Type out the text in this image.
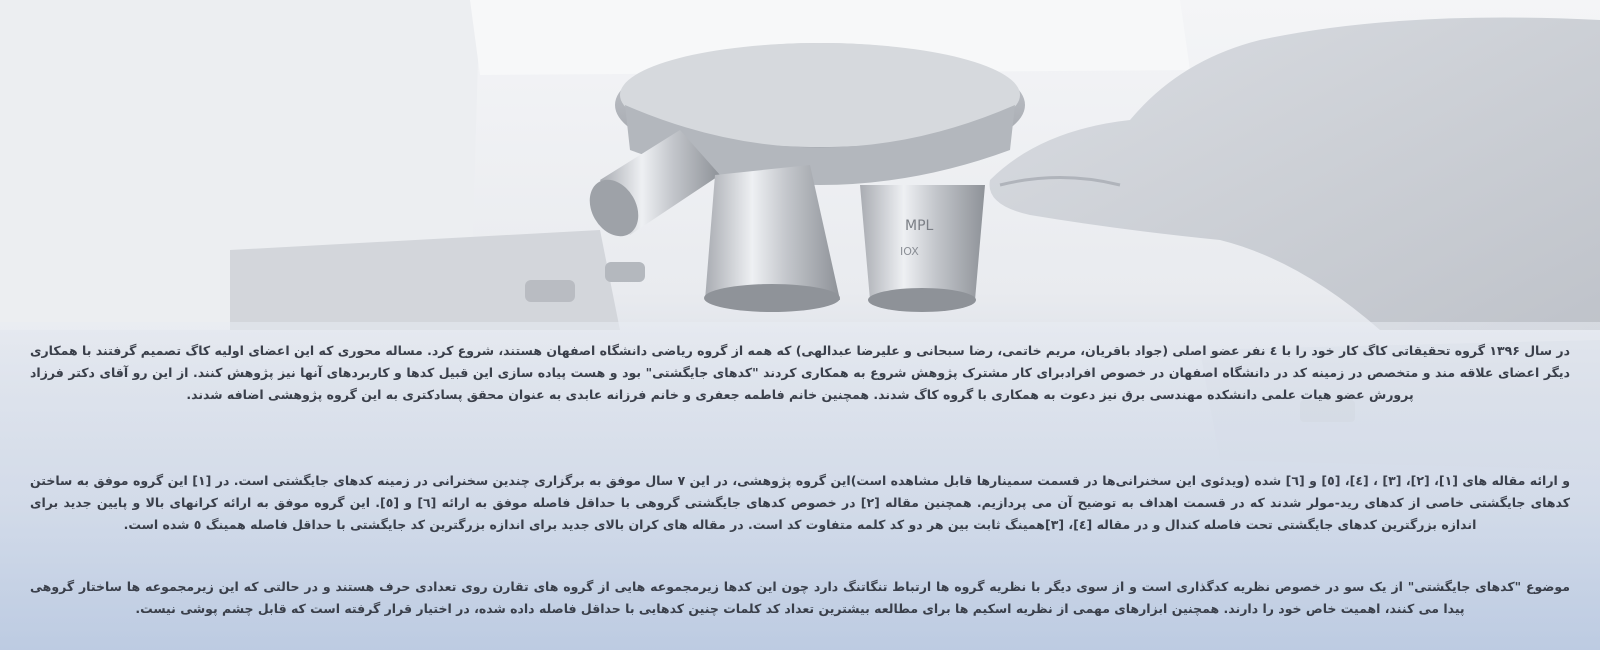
MPL
IOX

در سال ۱۳۹۶ گروه تحقیقاتی کاگ کار خود را با ٤ نفر عضو اصلی (جواد باقریان، مریم خاتمی، رضا سبحانی و علیرضا عبدالهی) که همه از گروه ریاضی دانشگاه اصفهان هستند، شروع کرد. مساله محوری که این اعضای اولیه کاگ تصمیم گرفتند با همکاری دیگر اعضای علاقه مند و متخصص در زمینه کد در دانشگاه اصفهان در خصوص افرادبرای کار مشترک پژوهش شروع به همکاری کردند "کدهای جایگشتی" بود و هست پیاده سازی این قبیل کدها و کاربردهای آنها نیز پژوهش کنند. از این رو آقای دکتر فرزاد پرورش عضو هیات علمی دانشکده مهندسی برق نیز دعوت به همکاری با گروه کاگ شدند. همچنین خانم فاطمه جعفری و خانم فرزانه عابدی به عنوان محقق پسادکتری به این گروه پژوهشی اضافه شدند.

و ارائه مقاله های [۱]، [۲]، [۳] ، [٤]، [٥] و [٦] شده (ویدئوی این سخنرانی‌ها در قسمت سمینارها قابل مشاهده است)این گروه پژوهشی، در این ۷ سال موفق به برگزاری چندین سخنرانی در زمینه کدهای جایگشتی است. در [۱] این گروه موفق به ساختن کدهای جایگشتی خاصی از کدهای رید-مولر شدند که در قسمت اهداف به توضیح آن می پردازیم. همچنین مقاله [۲] در خصوص کدهای جایگشتی گروهی با حداقل فاصله موفق به ارائه [٦] و [٥]. این گروه موفق به ارائه کرانهای بالا و پایین جدید برای اندازه بزرگترین کدهای جایگشتی تحت فاصله کندال و در مقاله [٤]، [۳]همینگ ثابت بین هر دو کد کلمه متفاوت کد است. در مقاله های کران بالای جدید برای اندازه بزرگترین کد جایگشتی با حداقل فاصله همینگ ٥ شده است.

موضوع "کدهای جایگشتی" از یک سو در خصوص نظریه کدگذاری است و از سوی دیگر با نظریه گروه ها ارتباط تنگاتنگ دارد چون این کدها زیرمجموعه هایی از گروه های تقارن روی تعدادی حرف هستند و در حالتی که این زیرمجموعه ها ساختار گروهی پیدا می کنند، اهمیت خاص خود را دارند. همچنین ابزارهای مهمی از نظریه اسکیم ها برای مطالعه بیشترین تعداد کد کلمات چنین کدهایی با حداقل فاصله داده شده، در اختیار قرار گرفته است که قابل چشم پوشی نیست.
